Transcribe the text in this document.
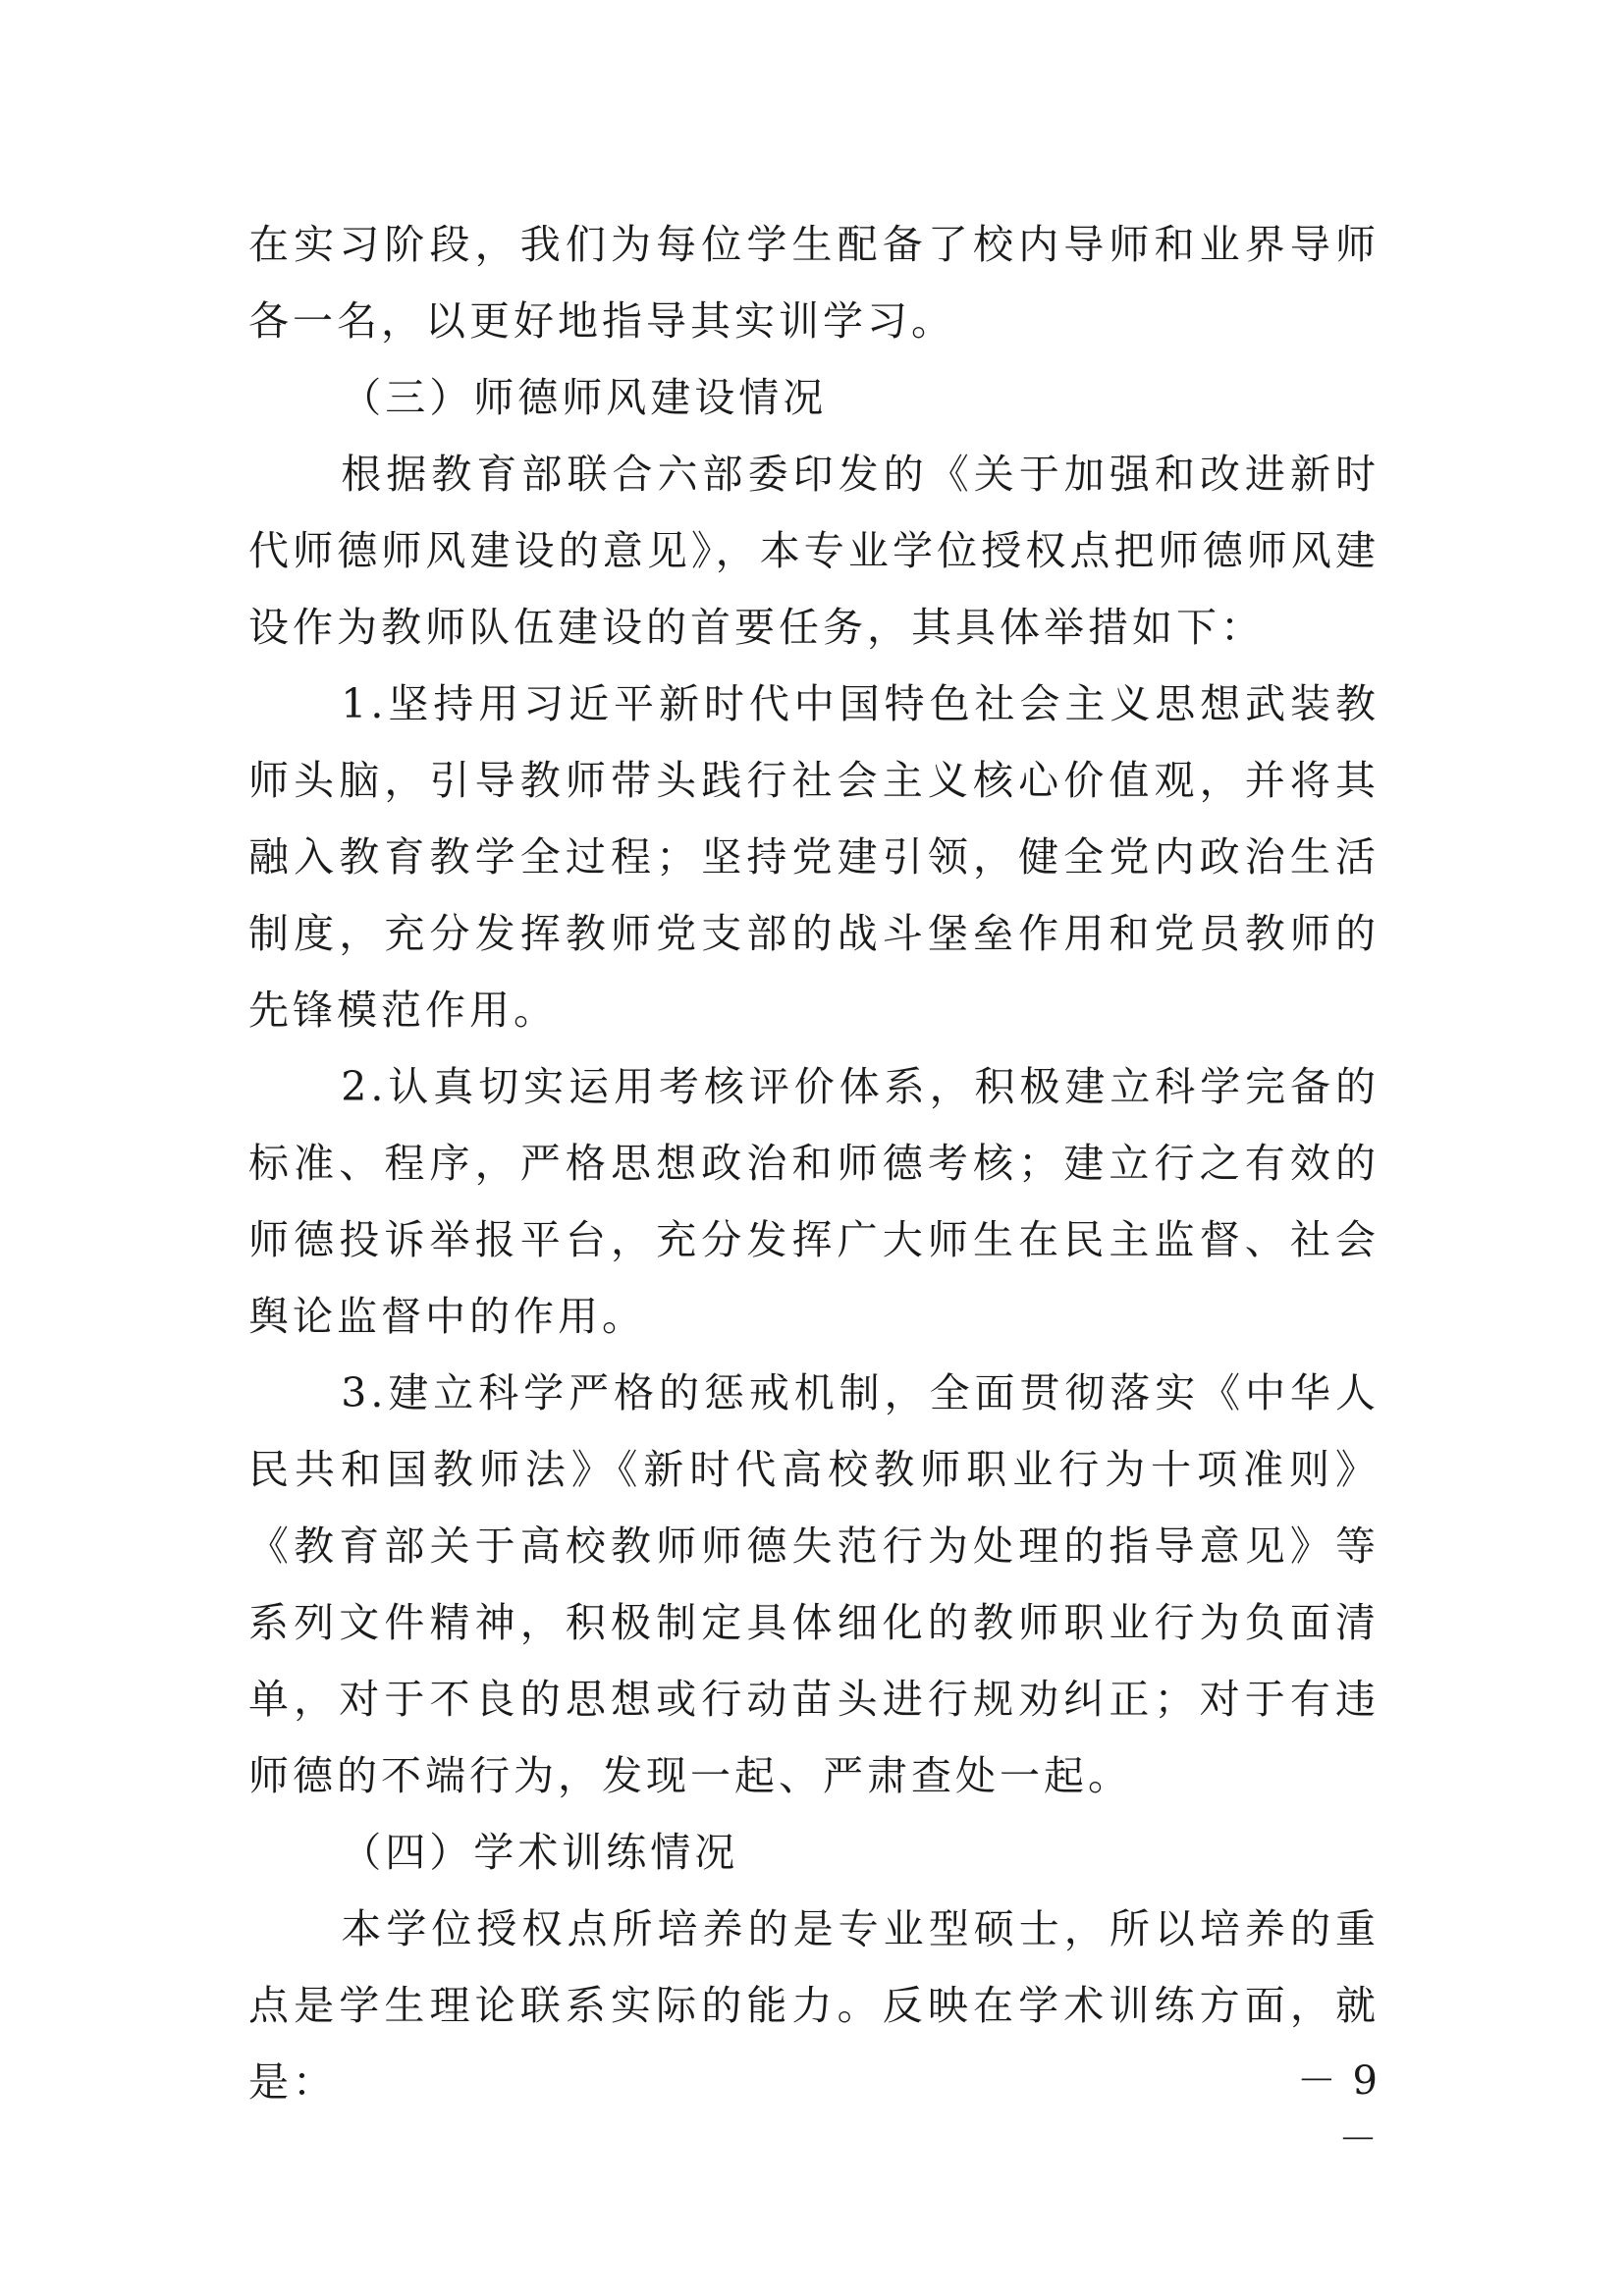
在实习阶段，我们为每位学生配备了校内导师和业界导师各一名，以更好地指导其实训学习。

（三）师德师风建设情况

根据教育部联合六部委印发的《关于加强和改进新时代师德师风建设的意见》，本专业学位授权点把师德师风建设作为教师队伍建设的首要任务，其具体举措如下：

1.坚持用习近平新时代中国特色社会主义思想武装教师头脑，引导教师带头践行社会主义核心价值观，并将其融入教育教学全过程；坚持党建引领，健全党内政治生活制度，充分发挥教师党支部的战斗堡垒作用和党员教师的先锋模范作用。

2.认真切实运用考核评价体系，积极建立科学完备的标准、程序，严格思想政治和师德考核；建立行之有效的师德投诉举报平台，充分发挥广大师生在民主监督、社会舆论监督中的作用。

3.建立科学严格的惩戒机制，全面贯彻落实《中华人民共和国教师法》《新时代高校教师职业行为十项准则》《教育部关于高校教师师德失范行为处理的指导意见》等系列文件精神，积极制定具体细化的教师职业行为负面清单，对于不良的思想或行动苗头进行规劝纠正；对于有违师德的不端行为，发现一起、严肃查处一起。

（四）学术训练情况

本学位授权点所培养的是专业型硕士，所以培养的重点是学生理论联系实际的能力。反映在学术训练方面，就是：	－ 9 －
